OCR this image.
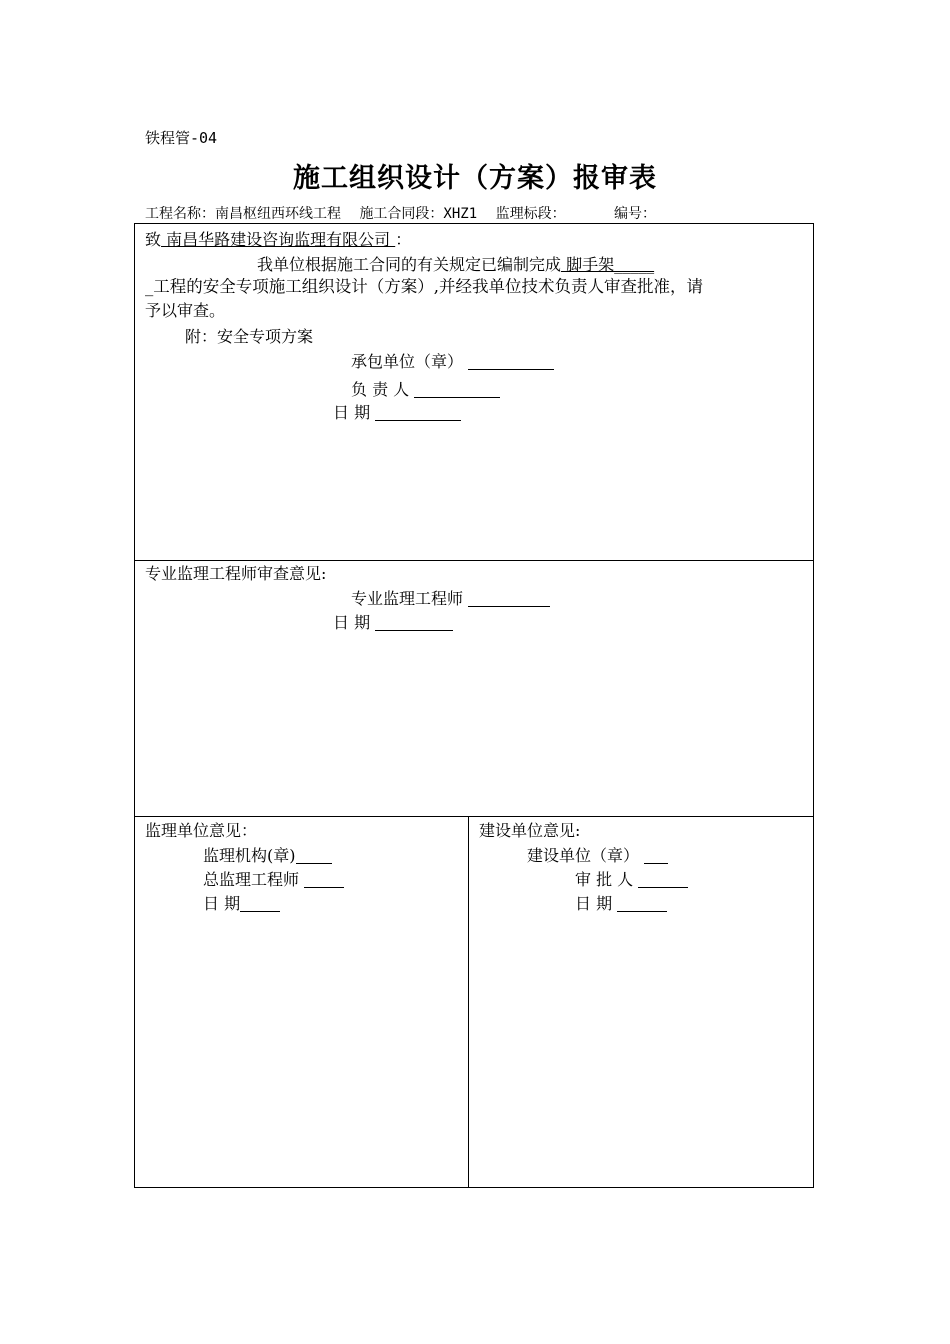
铁程管-04
施工组织设计（方案）报审表
工程名称：南昌枢纽西环线工程 施工合同段：XHZ1 监理标段：	编号：
致 南昌华路建设咨询监理有限公司 ：
我单位根据施工合同的有关规定已编制完成 脚手架_____
_工程的安全专项施工组织设计（方案）,并经我单位技术负责人审查批准，请
予以审查。
附：安全专项方案
承包单位（章）
负 责 人
日 期
专业监理工程师审查意见:
专业监理工程师
日 期
监理单位意见：
监理机构(章)
总监理工程师
日 期
建设单位意见:
建设单位（章）
审 批 人
日 期
